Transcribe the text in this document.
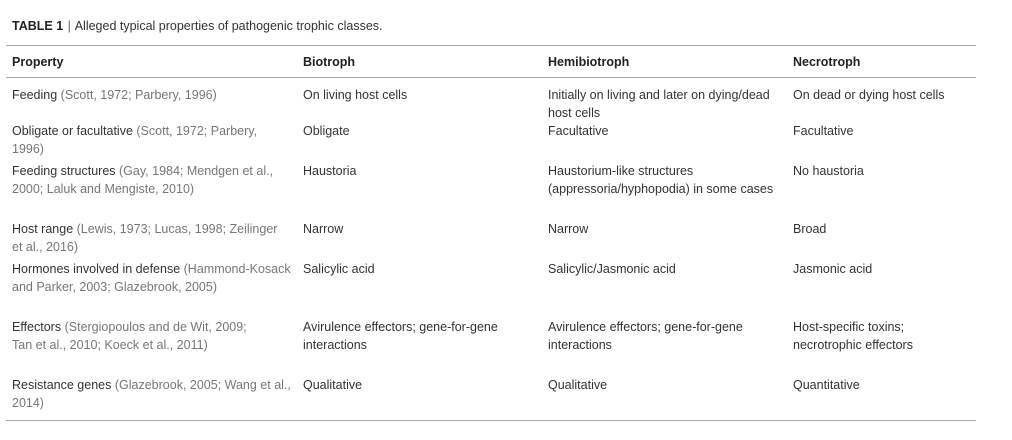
TABLE 1 | Alleged typical properties of pathogenic trophic classes.
Property	Biotroph	Hemibiotroph	Necrotroph
Feeding (Scott, 1972; Parbery, 1996)	On living host cells	Initially on living and later on dying/dead host cells	On dead or dying host cells
Obligate or facultative (Scott, 1972; Parbery, 1996)	Obligate	Facultative	Facultative
Feeding structures (Gay, 1984; Mendgen et al., 2000; Laluk and Mengiste, 2010)	Haustoria	Haustorium-like structures (appressoria/hyphopodia) in some cases	No haustoria
Host range (Lewis, 1973; Lucas, 1998; Zeilinger et al., 2016)	Narrow	Narrow	Broad
Hormones involved in defense (Hammond-Kosack and Parker, 2003; Glazebrook, 2005)	Salicylic acid	Salicylic/Jasmonic acid	Jasmonic acid
Effectors (Stergiopoulos and de Wit, 2009;
Tan et al., 2010; Koeck et al., 2011)	Avirulence effectors; gene-for-gene interactions	Avirulence effectors; gene-for-gene interactions	Host-specific toxins; necrotrophic effectors
Resistance genes (Glazebrook, 2005; Wang et al., 2014)	Qualitative	Qualitative	Quantitative
